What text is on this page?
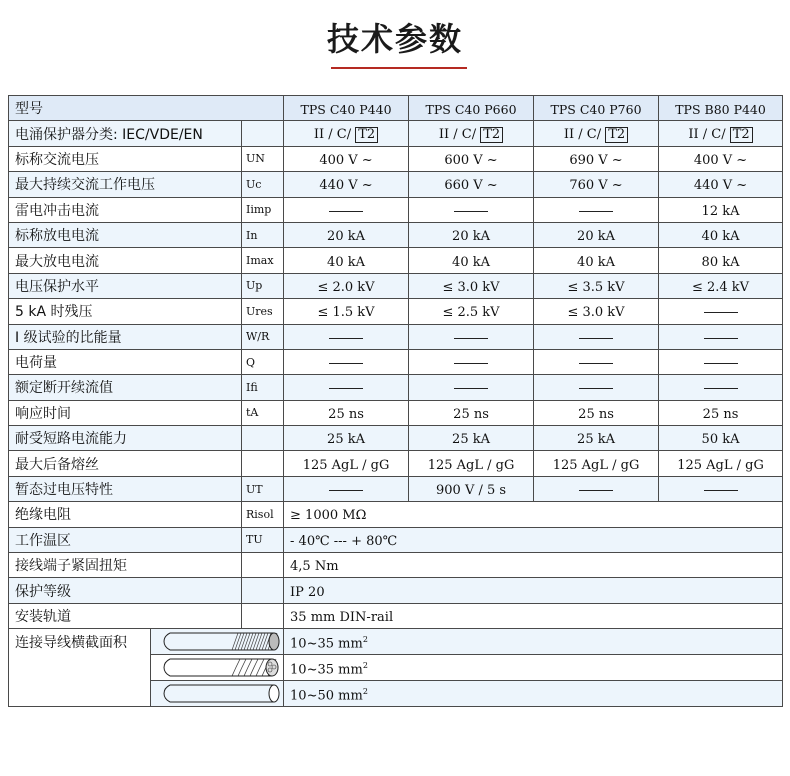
技术参数
型号			TPS C40 P440	TPS C40 P660	TPS C40 P760	TPS B80 P440
电涌保护器分类: IEC/VDE/EN			II / C/ T2	II / C/ T2	II / C/ T2	II / C/ T2
标称交流电压		UN	400 V ~	600 V ~	690 V ~	400 V ~
最大持续交流工作电压		Uc	440 V ~	660 V ~	760 V ~	440 V ~
雷电冲击电流		Iimp				12 kA
标称放电电流		In	20 kA	20 kA	20 kA	40 kA
最大放电电流		Imax	40 kA	40 kA	40 kA	80 kA
电压保护水平		Up	≤ 2.0 kV	≤ 3.0 kV	≤ 3.5 kV	≤ 2.4 kV
5 kA 时残压		Ures	≤ 1.5 kV	≤ 2.5 kV	≤ 3.0 kV	
I 级试验的比能量		W/R				
电荷量		Q				
额定断开续流值		Ifi				
响应时间		tA	25 ns	25 ns	25 ns	25 ns
耐受短路电流能力			25 kA	25 kA	25 kA	50 kA
最大后备熔丝			125 AgL / gG	125 AgL / gG	125 AgL / gG	125 AgL / gG
暂态过电压特性		UT		900 V / 5 s		
绝缘电阻		Risol	≥ 1000 MΩ			
工作温区		TU	- 40℃ --- + 80℃			
接线端子紧固扭矩			4,5 Nm			
保护等级			IP 20			
安装轨道			35 mm DIN-rail			
连接导线横截面积			10~35 $mm^2$

	10~35 $mm^2$

	10~50 $mm^2$
